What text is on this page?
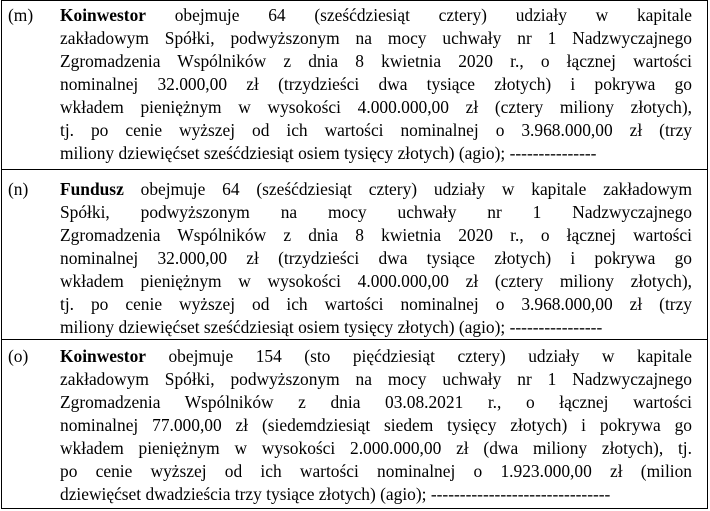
(m) Koinwestor obejmuje 64 (sześćdziesiąt cztery) udziały w kapitale
zakładowym Spółki, podwyższonym na mocy uchwały nr 1 Nadzwyczajnego
Zgromadzenia Wspólników z dnia 8 kwietnia 2020 r., o łącznej wartości
nominalnej 32.000,00 zł (trzydzieści dwa tysiące złotych) i pokrywa go
wkładem pieniężnym w wysokości 4.000.000,00 zł (cztery miliony złotych),
tj. po cenie wyższej od ich wartości nominalnej o 3.968.000,00 zł (trzy
miliony dziewięćset sześćdziesiąt osiem tysięcy złotych) (agio); ---------------
(n) Fundusz obejmuje 64 (sześćdziesiąt cztery) udziały w kapitale zakładowym
Spółki, podwyższonym na mocy uchwały nr 1 Nadzwyczajnego
Zgromadzenia Wspólników z dnia 8 kwietnia 2020 r., o łącznej wartości
nominalnej 32.000,00 zł (trzydzieści dwa tysiące złotych) i pokrywa go
wkładem pieniężnym w wysokości 4.000.000,00 zł (cztery miliony złotych),
tj. po cenie wyższej od ich wartości nominalnej o 3.968.000,00 zł (trzy
miliony dziewięćset sześćdziesiąt osiem tysięcy złotych) (agio); ----------------
(o) Koinwestor obejmuje 154 (sto pięćdziesiąt cztery) udziały w kapitale
zakładowym Spółki, podwyższonym na mocy uchwały nr 1 Nadzwyczajnego
Zgromadzenia Wspólników z dnia 03.08.2021 r., o łącznej wartości
nominalnej 77.000,00 zł (siedemdziesiąt siedem tysięcy złotych) i pokrywa go
wkładem pieniężnym w wysokości 2.000.000,00 zł (dwa miliony złotych), tj.
po cenie wyższej od ich wartości nominalnej o 1.923.000,00 zł (milion
dziewięćset dwadzieścia trzy tysiące złotych) (agio); -------------------------------
